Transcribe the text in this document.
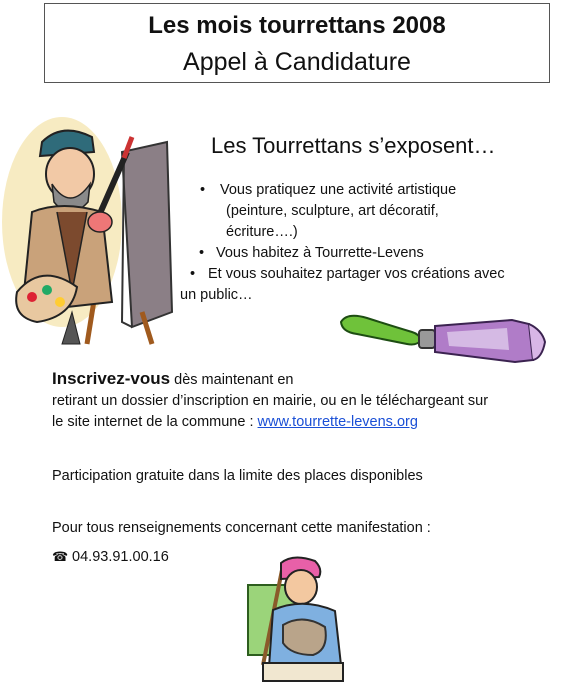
Les mois tourrettans 2008
Appel à Candidature
Les Tourrettans s’exposent…
• Vous pratiquez une activité artistique
(peinture, sculpture, art décoratif,
écriture….)
• Vous habitez à Tourrette-Levens
• Et vous souhaitez partager vos créations avec
un public…
Inscrivez-vous dès maintenant en
retirant un dossier d’inscription en mairie, ou en le téléchargeant sur
le site internet de la commune : www.tourrette-levens.org
Participation gratuite dans la limite des places disponibles
Pour tous renseignements concernant cette manifestation :
☎ 04.93.91.00.16
